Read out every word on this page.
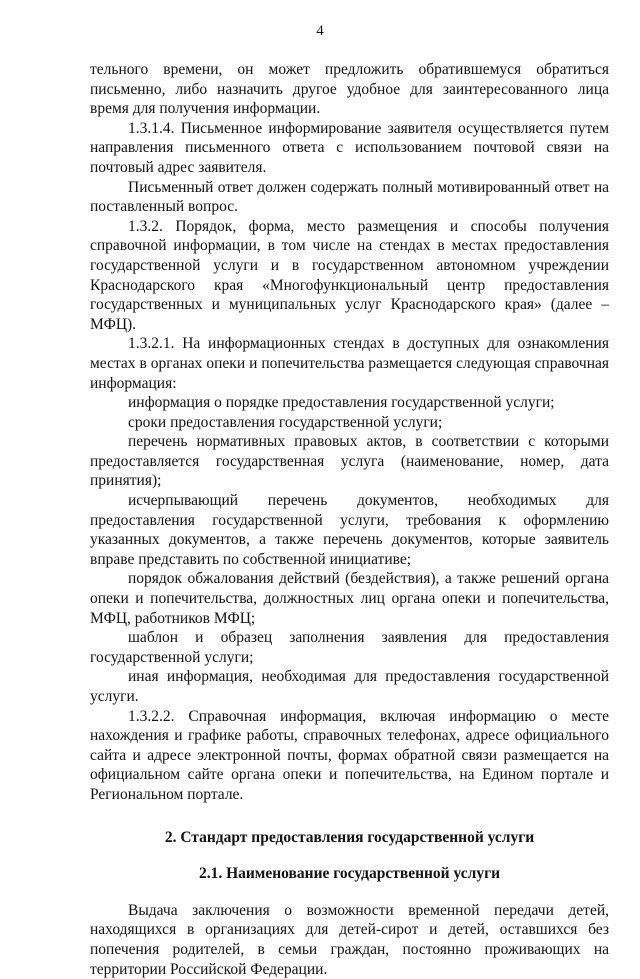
4

тельного времени, он может предложить обратившемуся обратиться письменно, либо назначить другое удобное для заинтересованного лица время для получения информации.

1.3.1.4. Письменное информирование заявителя осуществляется путем направления письменного ответа с использованием почтовой связи на почтовый адрес заявителя.

Письменный ответ должен содержать полный мотивированный ответ на поставленный вопрос.

1.3.2. Порядок, форма, место размещения и способы получения справочной информации, в том числе на стендах в местах предоставления государственной услуги и в государственном автономном учреждении Краснодарского края «Многофункциональный центр предоставления государственных и муниципальных услуг Краснодарского края» (далее – МФЦ).

1.3.2.1. На информационных стендах в доступных для ознакомления местах в органах опеки и попечительства размещается следующая справочная информация:

информация о порядке предоставления государственной услуги;

сроки предоставления государственной услуги;

перечень нормативных правовых актов, в соответствии с которыми предоставляется государственная услуга (наименование, номер, дата принятия);

исчерпывающий перечень документов, необходимых для предоставления государственной услуги, требования к оформлению указанных документов, а также перечень документов, которые заявитель вправе представить по собственной инициативе;

порядок обжалования действий (бездействия), а также решений органа опеки и попечительства, должностных лиц органа опеки и попечительства, МФЦ, работников МФЦ;

шаблон и образец заполнения заявления для предоставления государственной услуги;

иная информация, необходимая для предоставления государственной услуги.

1.3.2.2. Справочная информация, включая информацию о месте нахождения и графике работы, справочных телефонах, адресе официального сайта и адресе электронной почты, формах обратной связи размещается на официальном сайте органа опеки и попечительства, на Едином портале и Региональном портале.

2. Стандарт предоставления государственной услуги
2.1. Наименование государственной услуги

Выдача заключения о возможности временной передачи детей, находящихся в организациях для детей-сирот и детей, оставшихся без попечения родителей, в семьи граждан, постоянно проживающих на территории Российской Федерации.
